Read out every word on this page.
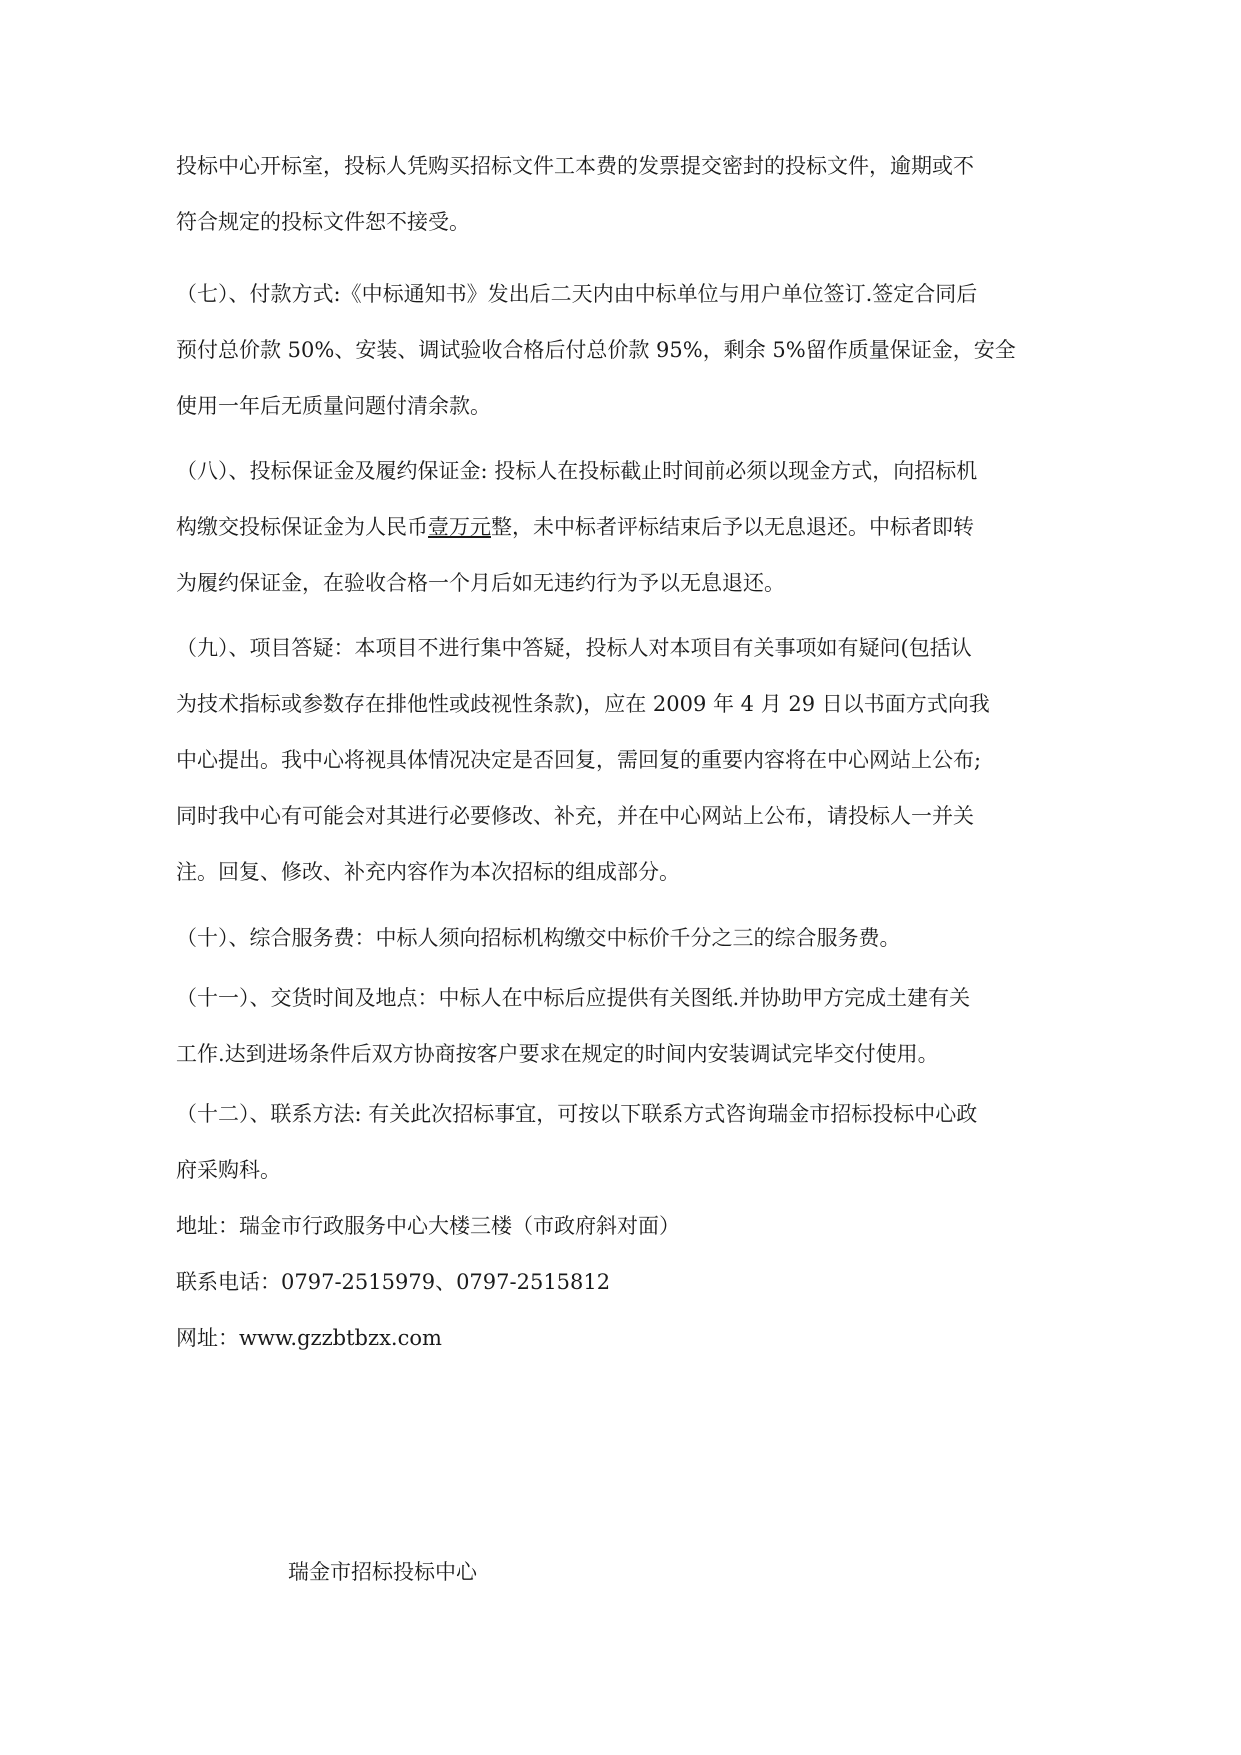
投标中心开标室，投标人凭购买招标文件工本费的发票提交密封的投标文件，逾期或不
符合规定的投标文件恕不接受。
（七）、付款方式:《中标通知书》发出后二天内由中标单位与用户单位签订.签定合同后
预付总价款 50%、安装、调试验收合格后付总价款 95%，剩余 5%留作质量保证金，安全
使用一年后无质量问题付清余款。
（八）、投标保证金及履约保证金: 投标人在投标截止时间前必须以现金方式，向招标机
构缴交投标保证金为人民币壹万元整，未中标者评标结束后予以无息退还。中标者即转
为履约保证金，在验收合格一个月后如无违约行为予以无息退还。
（九）、项目答疑：本项目不进行集中答疑，投标人对本项目有关事项如有疑问(包括认
为技术指标或参数存在排他性或歧视性条款)，应在 2009 年 4 月 29 日以书面方式向我
中心提出。我中心将视具体情况决定是否回复，需回复的重要内容将在中心网站上公布;
同时我中心有可能会对其进行必要修改、补充，并在中心网站上公布，请投标人一并关
注。回复、修改、补充内容作为本次招标的组成部分。
（十）、综合服务费：中标人须向招标机构缴交中标价千分之三的综合服务费。
（十一）、交货时间及地点：中标人在中标后应提供有关图纸.并协助甲方完成土建有关
工作.达到进场条件后双方协商按客户要求在规定的时间内安装调试完毕交付使用。
（十二）、联系方法: 有关此次招标事宜，可按以下联系方式咨询瑞金市招标投标中心政
府采购科。

地址：瑞金市行政服务中心大楼三楼（市政府斜对面）

联系电话：0797-2515979、0797-2515812

网址：www.gzzbtbzx.com

瑞金市招标投标中心
